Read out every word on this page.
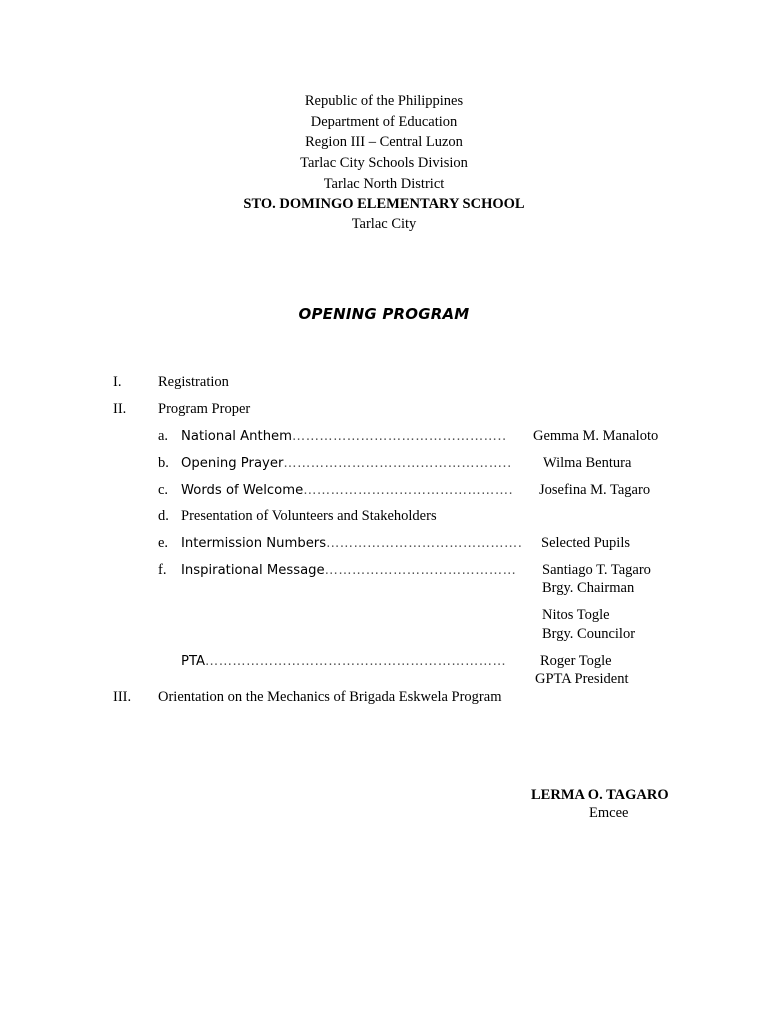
Republic of the Philippines
Department of Education
Region III – Central Luzon
Tarlac City Schools Division
Tarlac North District
STO. DOMINGO ELEMENTARY SCHOOL
Tarlac City
OPENING PROGRAM
I.	Registration
II. Program Proper
a. National Anthem……………………………………….. Gemma M. Manaloto
b. Opening Prayer………………………………………….. Wilma Bentura
c. Words of Welcome………………………………………. Josefina M. Tagaro
d. Presentation of Volunteers and Stakeholders
e. Intermission Numbers……………………………………. Selected Pupils
f. Inspirational Message…………………………………… Santiago T. Tagaro
Brgy. Chairman
Nitos Togle
Brgy. Councilor
PTA………………………………………………………… Roger Togle
GPTA President
III. Orientation on the Mechanics of Brigada Eskwela Program
LERMA O. TAGARO
Emcee
